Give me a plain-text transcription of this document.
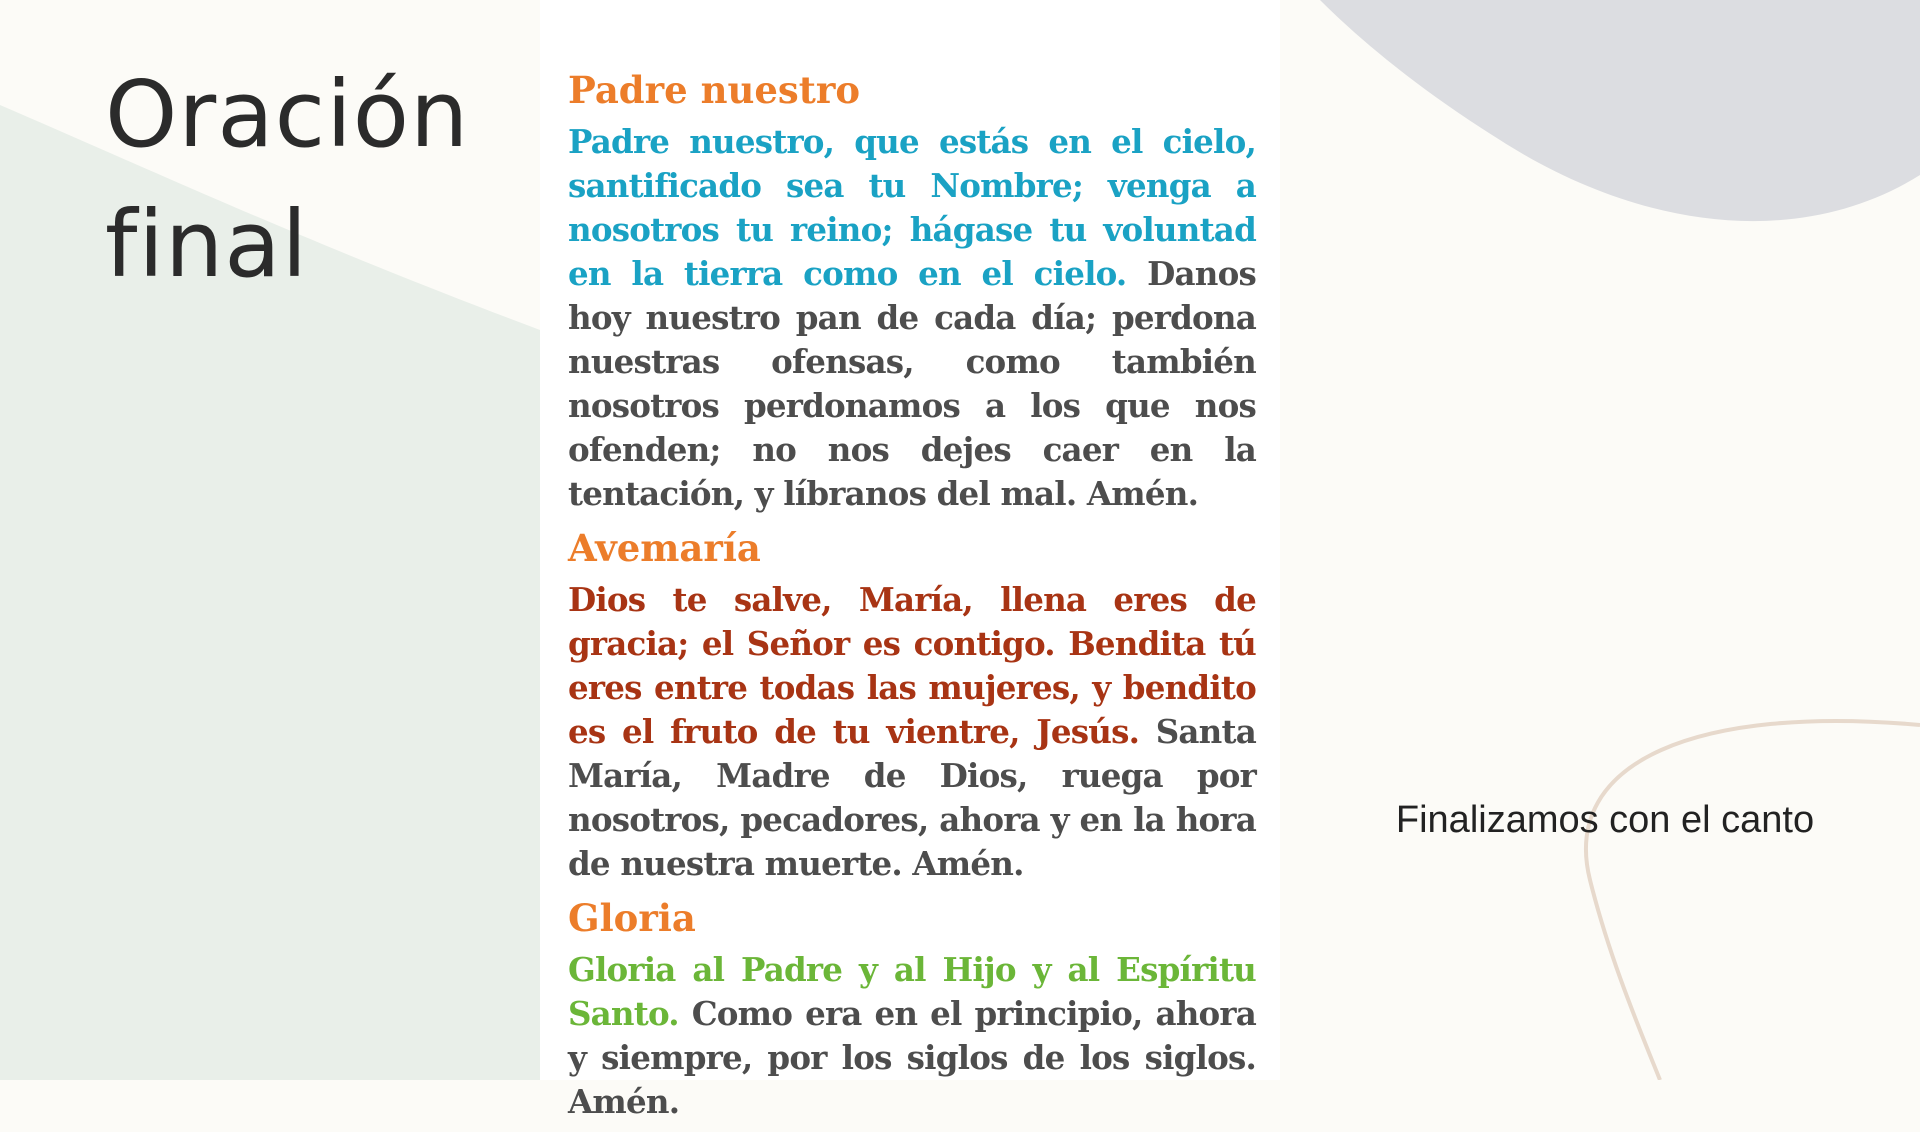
Oración
final

Padre nuestro

Padre nuestro, que estás en el cielo, santificado sea tu Nombre; venga a nosotros tu reino; hágase tu voluntad en la tierra como en el cielo. Danos hoy nuestro pan de cada día; perdona nuestras ofensas, como también nosotros perdonamos a los que nos ofenden; no nos dejes caer en la tentación, y líbranos del mal. Amén.

Avemaría

Dios te salve, María, llena eres de gracia; el Señor es contigo. Bendita tú eres entre todas las mujeres, y bendito es el fruto de tu vientre, Jesús. Santa María, Madre de Dios, ruega por nosotros, pecadores, ahora y en la hora de nuestra muerte. Amén.

Gloria

Gloria al Padre y al Hijo y al Espíritu Santo. Como era en el principio, ahora y siempre, por los siglos de los siglos. Amén.

Finalizamos con el canto
